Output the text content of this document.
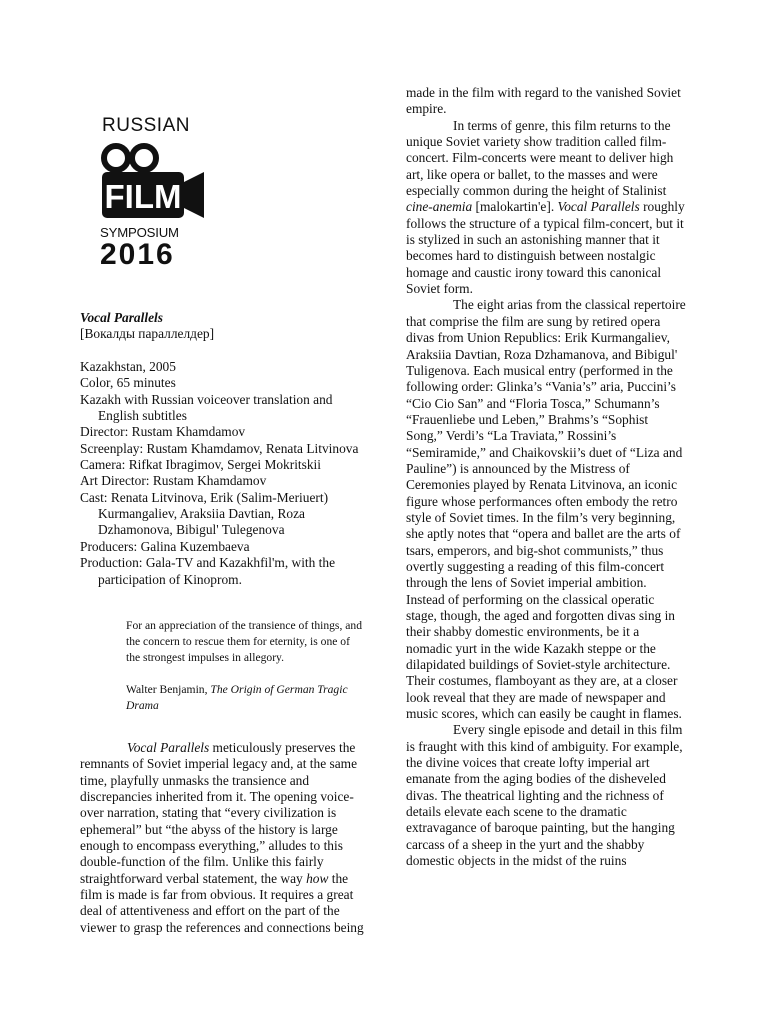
RUSSIAN
FILM
SYMPOSIUM
2016

Vocal Parallels

[Вокалды параллелдер]

Kazakhstan, 2005

Color, 65 minutes

Kazakh with Russian voiceover translation and English subtitles

Director: Rustam Khamdamov

Screenplay: Rustam Khamdamov, Renata Litvinova

Camera: Rifkat Ibragimov, Sergei Mokritskii

Art Director: Rustam Khamdamov

Cast: Renata Litvinova, Erik (Salim-Meriuert) Kurmangaliev, Araksiia Davtian, Roza Dzhamonova, Bibigul' Tulegenova

Producers: Galina Kuzembaeva

Production: Gala-TV and Kazakhfil'm, with the participation of Kinoprom.

For an appreciation of the transience of things, and the concern to rescue them for eternity, is one of the strongest impulses in allegory.

Walter Benjamin, The Origin of German Tragic Drama

Vocal Parallels meticulously preserves the remnants of Soviet imperial legacy and, at the same time, playfully unmasks the transience and discrepancies inherited from it. The opening voice-over narration, stating that “every civilization is ephemeral” but “the abyss of the history is large enough to encompass everything,” alludes to this double-function of the film. Unlike this fairly straightforward verbal statement, the way how the film is made is far from obvious. It requires a great deal of attentiveness and effort on the part of the viewer to grasp the references and connections being

made in the film with regard to the vanished Soviet empire.

In terms of genre, this film returns to the unique Soviet variety show tradition called film-concert. Film-concerts were meant to deliver high art, like opera or ballet, to the masses and were especially common during the height of Stalinist cine-anemia [malokartin'e]. Vocal Parallels roughly follows the structure of a typical film-concert, but it is stylized in such an astonishing manner that it becomes hard to distinguish between nostalgic homage and caustic irony toward this canonical Soviet form.

The eight arias from the classical repertoire that comprise the film are sung by retired opera divas from Union Republics: Erik Kurmangaliev, Araksiia Davtian, Roza Dzhamanova, and Bibigul' Tuligenova. Each musical entry (performed in the following order: Glinka’s “Vania’s” aria, Puccini’s “Cio Cio San” and “Floria Tosca,” Schumann’s “Frauenliebe und Leben,” Brahms’s “Sophist Song,” Verdi’s “La Traviata,” Rossini’s “Semiramide,” and Chaikovskii’s duet of “Liza and Pauline”) is announced by the Mistress of Ceremonies played by Renata Litvinova, an iconic figure whose performances often embody the retro style of Soviet times. In the film’s very beginning, she aptly notes that “opera and ballet are the arts of tsars, emperors, and big-shot communists,” thus overtly suggesting a reading of this film-concert through the lens of Soviet imperial ambition. Instead of performing on the classical operatic stage, though, the aged and forgotten divas sing in their shabby domestic environments, be it a nomadic yurt in the wide Kazakh steppe or the dilapidated buildings of Soviet-style architecture. Their costumes, flamboyant as they are, at a closer look reveal that they are made of newspaper and music scores, which can easily be caught in flames.

Every single episode and detail in this film is fraught with this kind of ambiguity. For example, the divine voices that create lofty imperial art emanate from the aging bodies of the disheveled divas. The theatrical lighting and the richness of details elevate each scene to the dramatic extravagance of baroque painting, but the hanging carcass of a sheep in the yurt and the shabby domestic objects in the midst of the ruins
